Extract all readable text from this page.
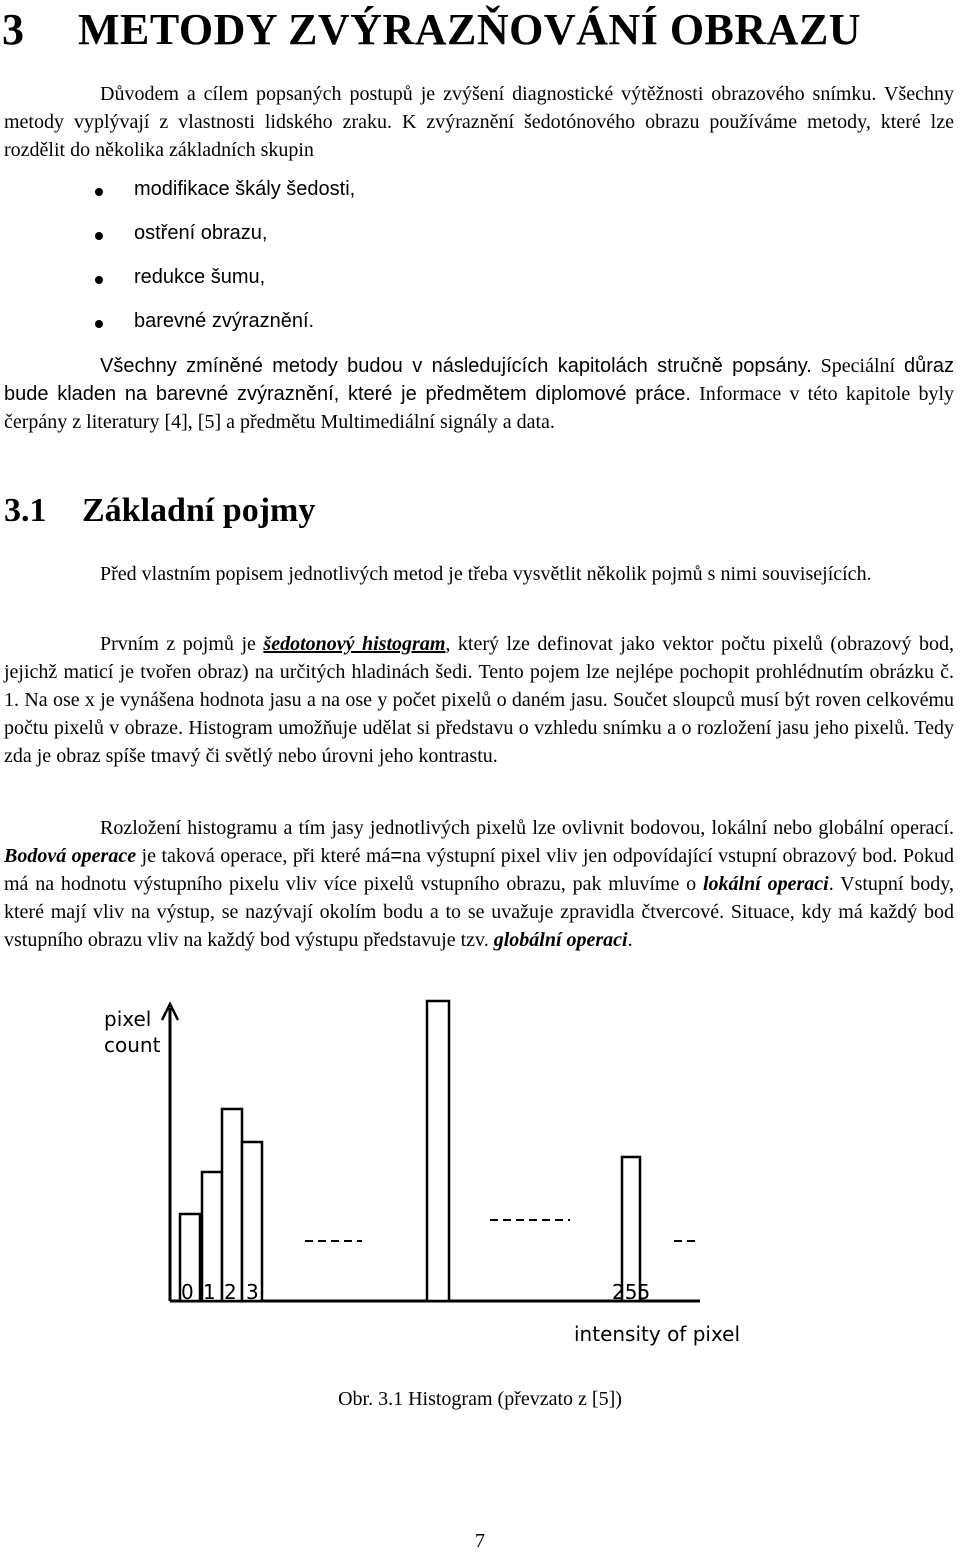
3 METODY ZVÝRAZŇOVÁNÍ OBRAZU
Důvodem a cílem popsaných postupů je zvýšení diagnostické výtěžnosti obrazového snímku. Všechny metody vyplývají z vlastnosti lidského zraku. K zvýraznění šedotónového obrazu používáme metody, které lze rozdělit do několika základních skupin
modifikace škály šedosti,
ostření obrazu,
redukce šumu,
barevné zvýraznění.
Všechny zmíněné metody budou v následujících kapitolách stručně popsány. Speciální důraz bude kladen na barevné zvýraznění, které je předmětem diplomové práce. Informace v této kapitole byly čerpány z literatury [4], [5] a předmětu Multimediální signály a data.
3.1 Základní pojmy
Před vlastním popisem jednotlivých metod je třeba vysvětlit několik pojmů s nimi souvisejících.
Prvním z pojmů je šedotonový histogram, který lze definovat jako vektor počtu pixelů (obrazový bod, jejichž maticí je tvořen obraz) na určitých hladinách šedi. Tento pojem lze nejlépe pochopit prohlédnutím obrázku č. 1. Na ose x je vynášena hodnota jasu a na ose y počet pixelů o daném jasu. Součet sloupců musí být roven celkovému počtu pixelů v obraze. Histogram umožňuje udělat si představu o vzhledu snímku a o rozložení jasu jeho pixelů. Tedy zda je obraz spíše tmavý či světlý nebo úrovni jeho kontrastu.
Rozložení histogramu a tím jasy jednotlivých pixelů lze ovlivnit bodovou, lokální nebo globální operací. Bodová operace je taková operace, při které má=na výstupní pixel vliv jen odpovídající vstupní obrazový bod. Pokud má na hodnotu výstupního pixelu vliv více pixelů vstupního obrazu, pak mluvíme o lokální operaci. Vstupní body, které mají vliv na výstup, se nazývají okolím bodu a to se uvažuje zpravidla čtvercové. Situace, kdy má každý bod vstupního obrazu vliv na každý bod výstupu představuje tzv. globální operaci.
pixel
count
0 1 2 3	255
intensity of pixel
Obr. 3.1 Histogram (převzato z [5])
7
